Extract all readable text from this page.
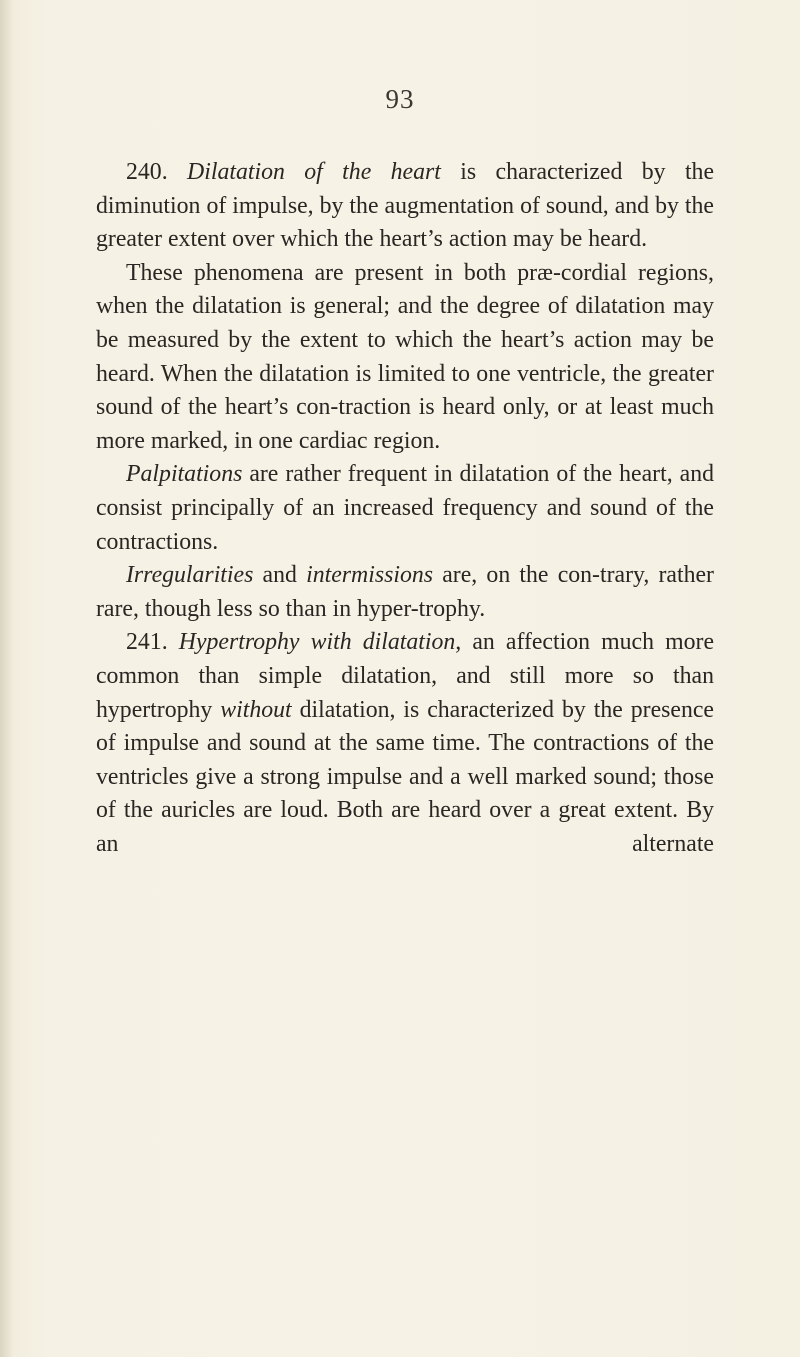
93

240. Dilatation of the heart is characterized by the diminution of impulse, by the augmentation of sound, and by the greater extent over which the heart’s action may be heard.

These phenomena are present in both præ-cordial regions, when the dilatation is general; and the degree of dilatation may be measured by the extent to which the heart’s action may be heard. When the dilatation is limited to one ventricle, the greater sound of the heart’s con-traction is heard only, or at least much more marked, in one cardiac region.

Palpitations are rather frequent in dilatation of the heart, and consist principally of an increased frequency and sound of the contractions.

Irregularities and intermissions are, on the con-trary, rather rare, though less so than in hyper-trophy.

241. Hypertrophy with dilatation, an affection much more common than simple dilatation, and still more so than hypertrophy without dilatation, is characterized by the presence of impulse and sound at the same time. The contractions of the ventricles give a strong impulse and a well marked sound; those of the auricles are loud. Both are heard over a great extent. By an alternate
